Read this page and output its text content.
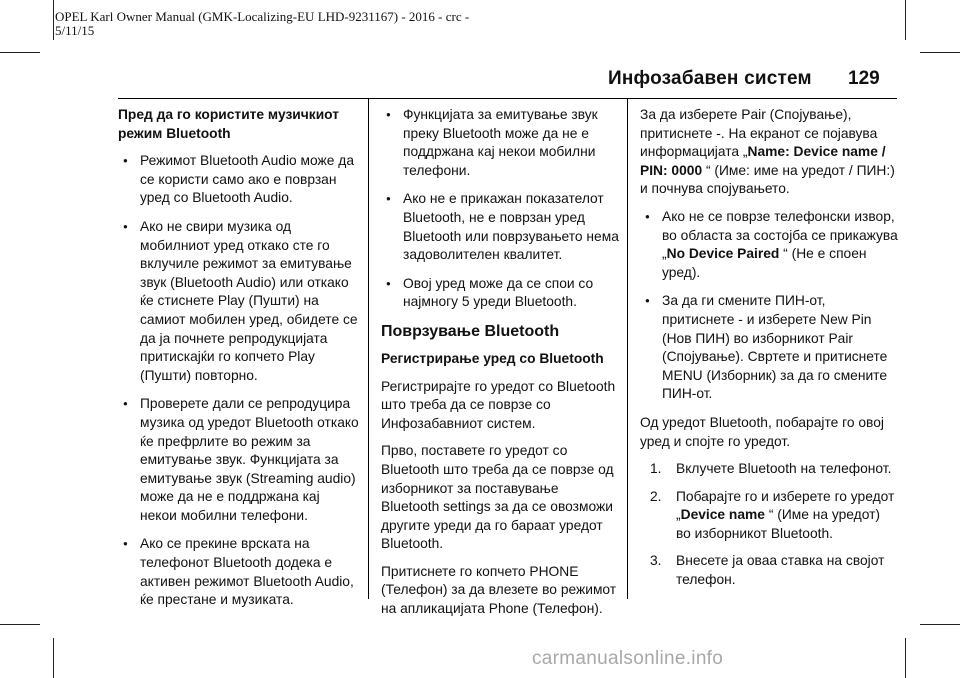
OPEL Karl Owner Manual (GMK-Localizing-EU LHD-9231167) - 2016 - crc -
5/11/15
Инфозабавен систем 129

Пред да го користите музичкиот режим Bluetooth

● Режимот Bluetooth Audio може да се користи само ако е поврзан уред со Bluetooth Audio.

● Ако не свири музика од мобилниот уред откако сте го вклучиле режимот за емитување звук (Bluetooth Audio) или откако ќе стиснете Play (Пушти) на самиот мобилен уред, обидете се да ја почнете репродукцијата притискајќи го копчето Play (Пушти) повторно.

● Проверете дали се репродуцира музика од уредот Bluetooth откако ќе префрлите во режим за емитување звук. Функцијата за емитување звук (Streaming audio) може да не е поддржана кај некои мобилни телефони.

● Ако се прекине врската на телефонот Bluetooth додека е активен режимот Bluetooth Audio, ќе престане и музиката.

● Функцијата за емитување звук преку Bluetooth може да не е поддржана кај некои мобилни телефони.

● Ако не е прикажан показателот Bluetooth, не е поврзан уред Bluetooth или поврзувањето нема задоволителен квалитет.

● Овој уред може да се спои со најмногу 5 уреди Bluetooth.

Поврзување Bluetooth

Регистрирање уред со Bluetooth

Регистрирајте го уредот со Bluetooth што треба да се поврзе со Инфозабавниот систем.

Прво, поставете го уредот со Bluetooth што треба да се поврзе од изборникот за поставување Bluetooth settings за да се овозможи другите уреди да го бараат уредот Bluetooth.

Притиснете го копчето PHONE (Телефон) за да влезете во режимот на апликацијата Phone (Телефон).

За да изберете Pair (Спојување), притиснете -. На екранот се појавува информацијата „Name: Device name / PIN: 0000 “ (Име: име на уредот / ПИН:) и почнува спојувањето.

● Ако не се поврзе телефонски извор, во областа за состојба се прикажува „No Device Paired “ (Не е споен уред).

● За да ги смените ПИН-от, притиснете - и изберете New Pin (Нов ПИН) во изборникот Pair (Спојување). Свртете и притиснете MENU (Изборник) за да го смените ПИН-от.

Од уредот Bluetooth, побарајте го овој уред и спојте го уредот.

1. Вклучете Bluetooth на телефонот.

2. Побарајте го и изберете го уредот „Device name “ (Име на уредот) во изборникот Bluetooth.

3. Внесете ја оваа ставка на својот телефон.

carmanualsonline.info
